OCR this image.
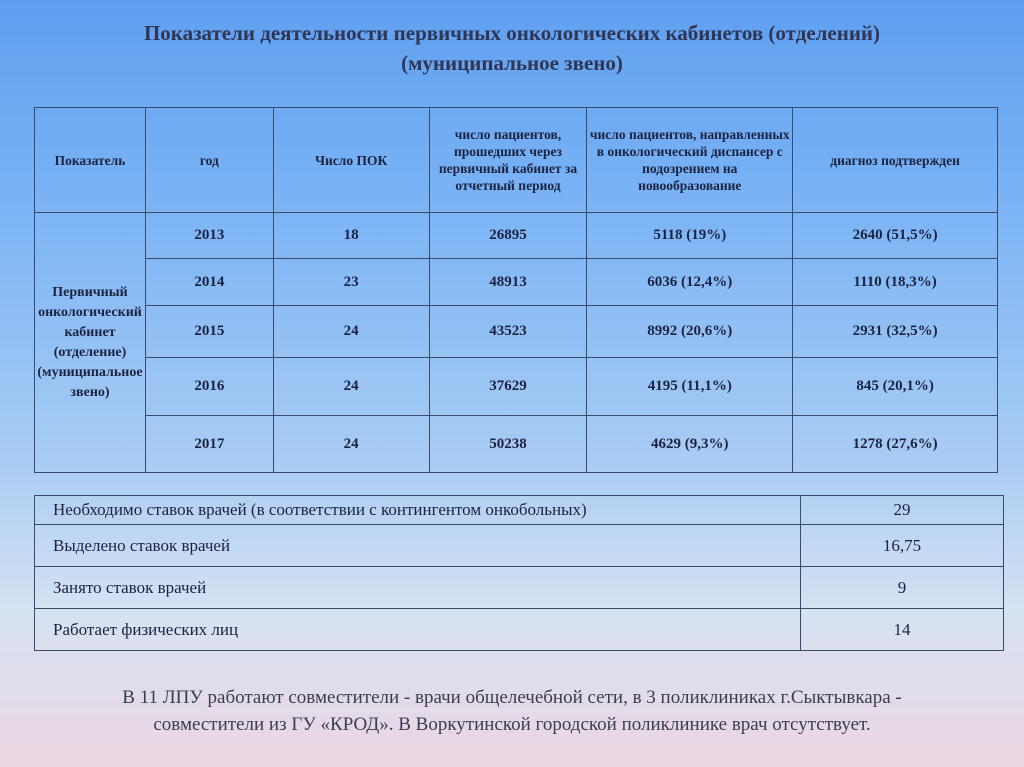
Показатели деятельности первичных онкологических кабинетов (отделений)
(муниципальное звено)
Показатель	год	Число ПОК	число пациентов, прошедших через первичный кабинет за отчетный период	число пациентов, направленных в онкологический диспансер с подозрением на новообразование	диагноз подтвержден
Первичный онкологический кабинет (отделение) (муниципальное звено)	2013	18	26895	5118 (19%)	2640 (51,5%)
	2014	23	48913	6036 (12,4%)	1110 (18,3%)
	2015	24	43523	8992 (20,6%)	2931 (32,5%)
	2016	24	37629	4195 (11,1%)	845 (20,1%)
	2017	24	50238	4629 (9,3%)	1278 (27,6%)
Необходимо ставок врачей (в соответствии с контингентом онкобольных)	29
Выделено ставок врачей	16,75
Занято ставок врачей	9
Работает физических лиц	14
В 11 ЛПУ работают совместители - врачи общелечебной сети, в 3 поликлиниках г.Сыктывкара -
совместители из ГУ «КРОД». В Воркутинской городской поликлинике врач отсутствует.
